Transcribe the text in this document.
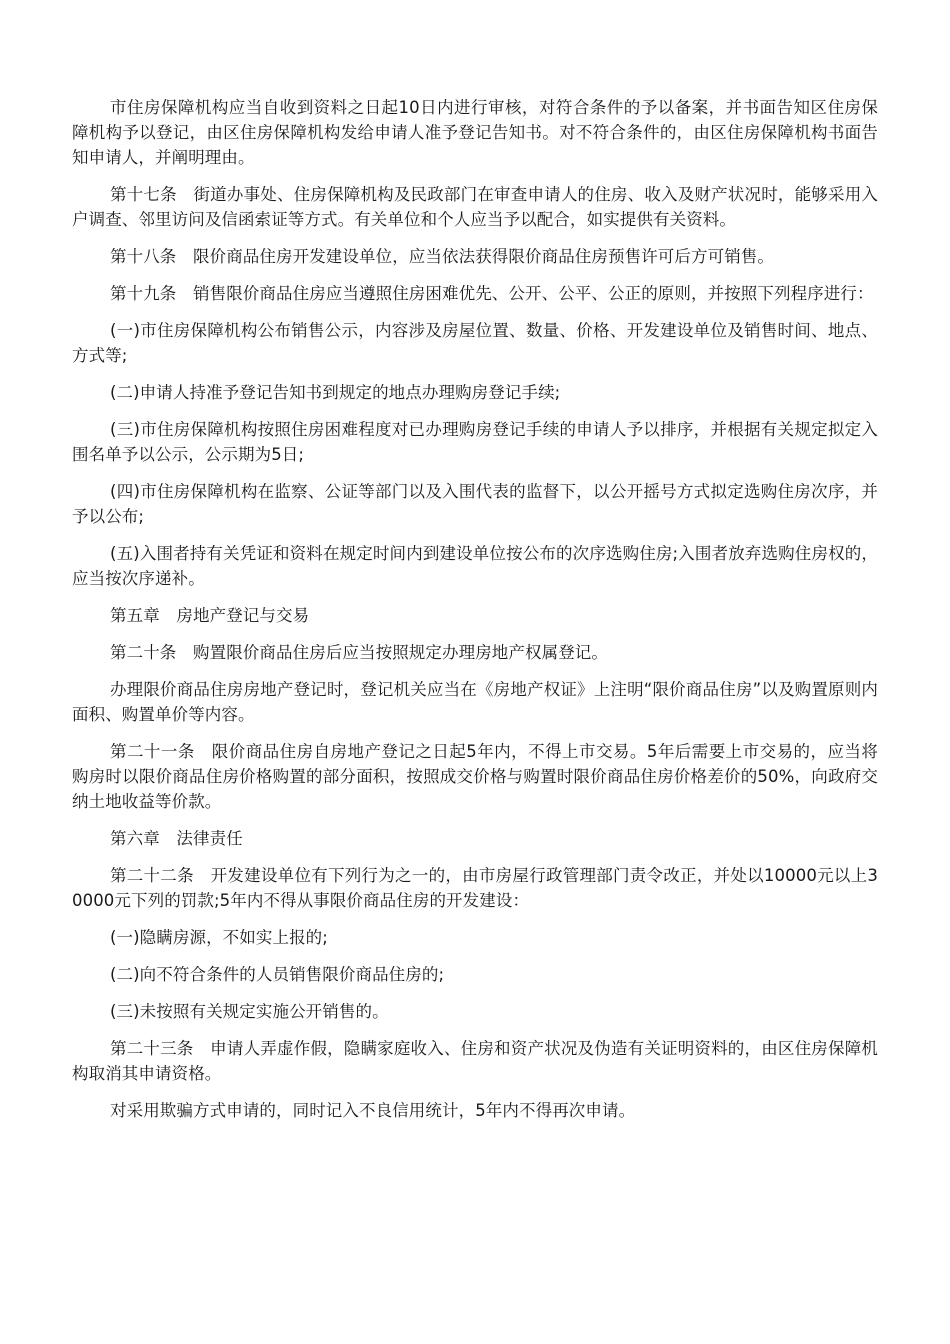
市住房保障机构应当自收到资料之日起10日内进行审核，对符合条件的予以备案，并书面告知区住房保障机构予以登记，由区住房保障机构发给申请人准予登记告知书。对不符合条件的，由区住房保障机构书面告知申请人，并阐明理由。

第十七条　街道办事处、住房保障机构及民政部门在审查申请人的住房、收入及财产状况时，能够采用入户调查、邻里访问及信函索证等方式。有关单位和个人应当予以配合，如实提供有关资料。

第十八条　限价商品住房开发建设单位，应当依法获得限价商品住房预售许可后方可销售。

第十九条　销售限价商品住房应当遵照住房困难优先、公开、公平、公正的原则，并按照下列程序进行：

(一)市住房保障机构公布销售公示，内容涉及房屋位置、数量、价格、开发建设单位及销售时间、地点、方式等;

(二)申请人持准予登记告知书到规定的地点办理购房登记手续;

(三)市住房保障机构按照住房困难程度对已办理购房登记手续的申请人予以排序，并根据有关规定拟定入围名单予以公示，公示期为5日;

(四)市住房保障机构在监察、公证等部门以及入围代表的监督下，以公开摇号方式拟定选购住房次序，并予以公布;

(五)入围者持有关凭证和资料在规定时间内到建设单位按公布的次序选购住房;入围者放弃选购住房权的，应当按次序递补。

第五章　房地产登记与交易

第二十条　购置限价商品住房后应当按照规定办理房地产权属登记。

办理限价商品住房房地产登记时，登记机关应当在《房地产权证》上注明“限价商品住房”以及购置原则内面积、购置单价等内容。

第二十一条　限价商品住房自房地产登记之日起5年内，不得上市交易。5年后需要上市交易的，应当将购房时以限价商品住房价格购置的部分面积，按照成交价格与购置时限价商品住房价格差价的50%，向政府交纳土地收益等价款。

第六章　法律责任

第二十二条　开发建设单位有下列行为之一的，由市房屋行政管理部门责令改正，并处以10000元以上30000元下列的罚款;5年内不得从事限价商品住房的开发建设：

(一)隐瞒房源，不如实上报的;

(二)向不符合条件的人员销售限价商品住房的;

(三)未按照有关规定实施公开销售的。

第二十三条　申请人弄虚作假，隐瞒家庭收入、住房和资产状况及伪造有关证明资料的，由区住房保障机构取消其申请资格。

对采用欺骗方式申请的，同时记入不良信用统计，5年内不得再次申请。
